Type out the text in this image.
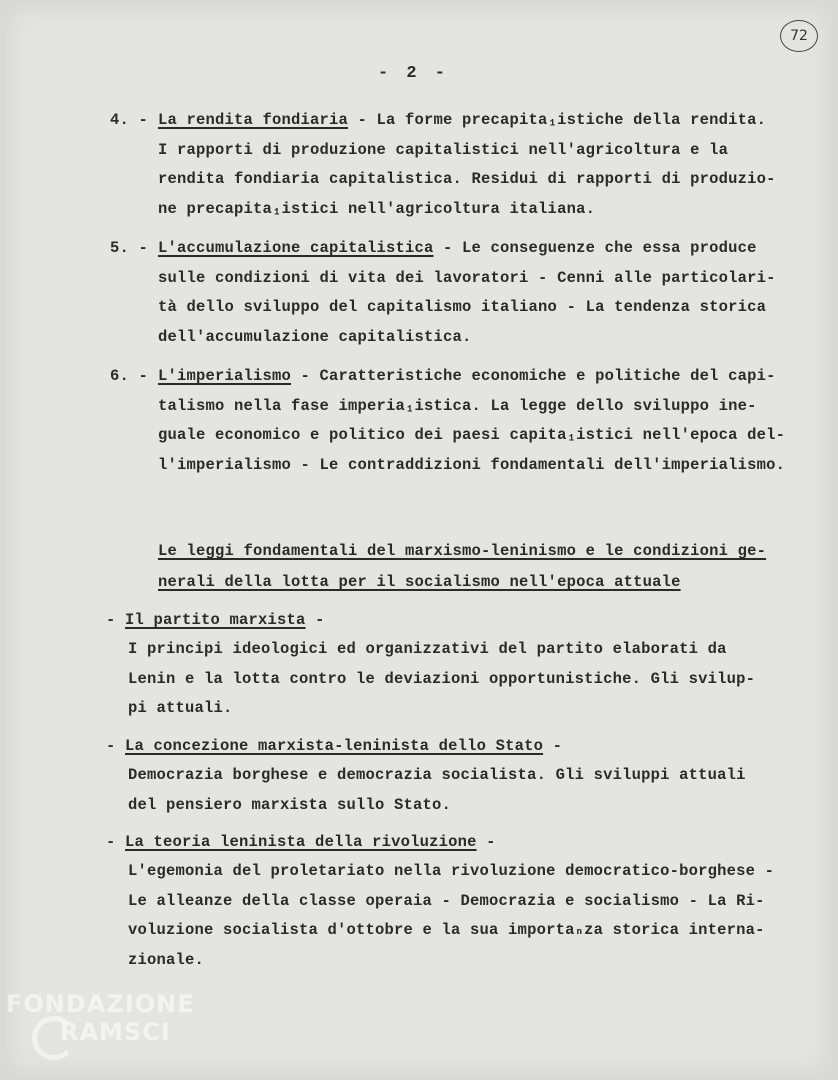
72
- 2 -
4. - La rendita fondiaria - La forme precapita₁istiche della rendita.
I rapporti di produzione capitalistici nell'agricoltura e la
rendita fondiaria capitalistica. Residui di rapporti di produzio-
ne precapita₁istici nell'agricoltura italiana.
5. - L'accumulazione capitalistica - Le conseguenze che essa produce
sulle condizioni di vita dei lavoratori - Cenni alle particolari-
tà dello sviluppo del capitalismo italiano - La tendenza storica
dell'accumulazione capitalistica.
6. - L'imperialismo - Caratteristiche economiche e politiche del capi-
talismo nella fase imperia₁istica. La legge dello sviluppo ine-
guale economico e politico dei paesi capita₁istici nell'epoca del-
l'imperialismo - Le contraddizioni fondamentali dell'imperialismo.
Le leggi fondamentali del marxismo-leninismo e le condizioni ge-
nerali della lotta per il socialismo nell'epoca attuale
- Il partito marxista -
I principi ideologici ed organizzativi del partito elaborati da
Lenin e la lotta contro le deviazioni opportunistiche. Gli svilup-
pi attuali.
- La concezione marxista-leninista dello Stato -
Democrazia borghese e democrazia socialista. Gli sviluppi attuali
del pensiero marxista sullo Stato.
- La teoria leninista della rivoluzione -
L'egemonia del proletariato nella rivoluzione democratico-borghese -
Le alleanze della classe operaia - Democrazia e socialismo - La Ri-
voluzione socialista d'ottobre e la sua importaₙza storica interna-
zionale.
FONDAZIONE
RAMSCI
